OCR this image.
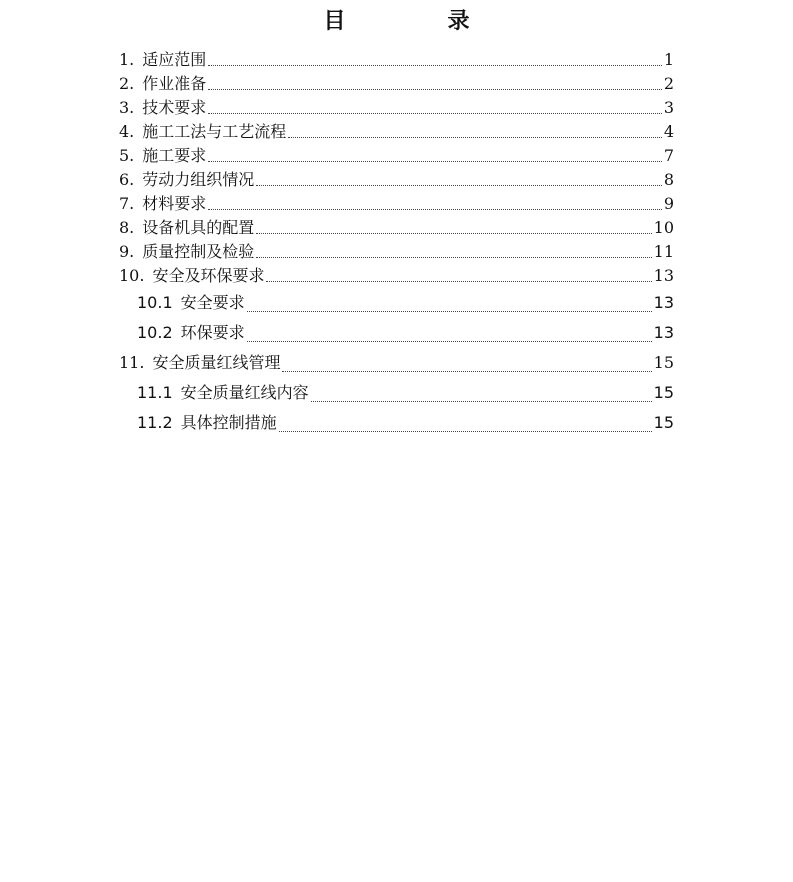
目　录
1. 适应范围	1
2. 作业准备	2
3. 技术要求	3
4. 施工工法与工艺流程	4
5. 施工要求	7
6. 劳动力组织情况	8
7. 材料要求	9
8. 设备机具的配置	10
9. 质量控制及检验	11
10. 安全及环保要求	13
10.1 安全要求	13
10.2 环保要求	13
11. 安全质量红线管理	15
11.1 安全质量红线内容	15
11.2 具体控制措施	15
